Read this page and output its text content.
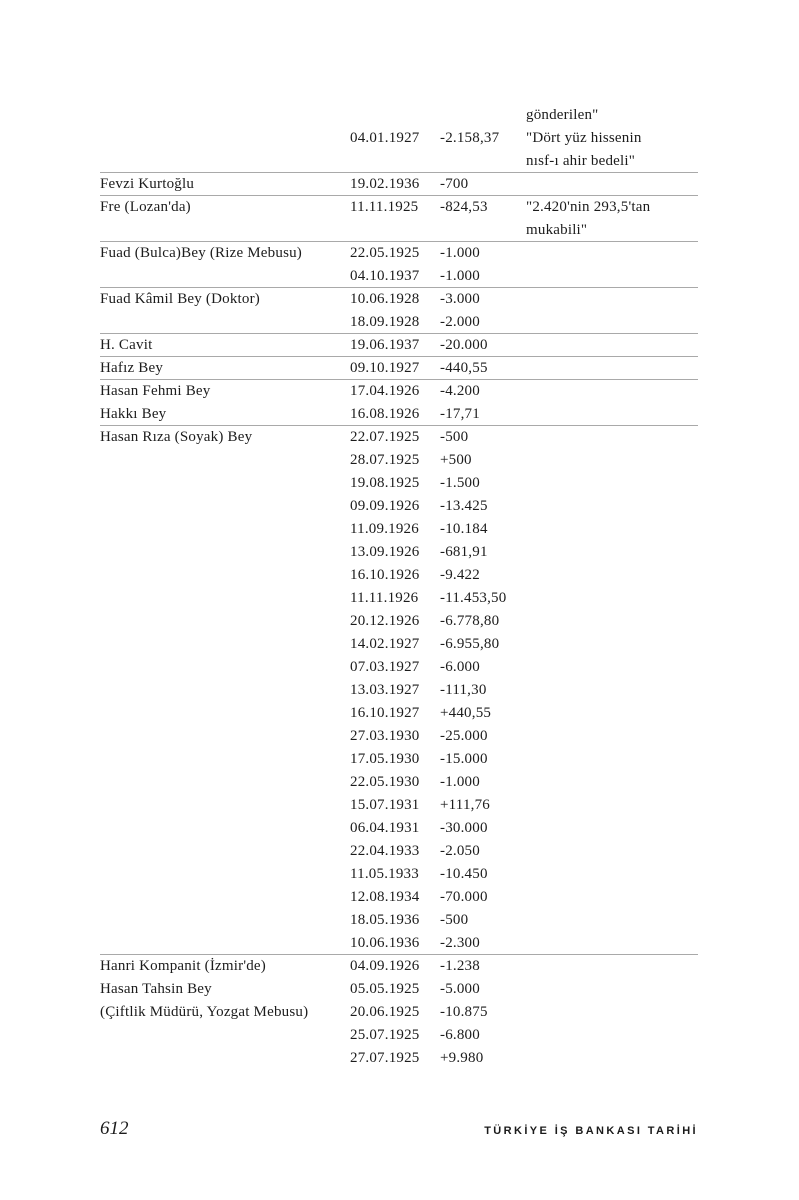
gönderilen"
04.01.1927	-2.158,37	"Dört yüz hissenin
nısf-ı ahir bedeli"
Fevzi Kurtoğlu	19.02.1936	-700
Fre (Lozan'da)	11.11.1925	-824,53	"2.420'nin 293,5'tan
mukabili"
Fuad (Bulca)Bey (Rize Mebusu)	22.05.1925	-1.000
04.10.1937	-1.000
Fuad Kâmil Bey (Doktor)	10.06.1928	-3.000
18.09.1928	-2.000
H. Cavit	19.06.1937	-20.000
Hafız Bey	09.10.1927	-440,55
Hasan Fehmi Bey	17.04.1926	-4.200
Hakkı Bey	16.08.1926	-17,71
Hasan Rıza (Soyak) Bey	22.07.1925	-500
28.07.1925	+500
19.08.1925	-1.500
09.09.1926	-13.425
11.09.1926	-10.184
13.09.1926	-681,91
16.10.1926	-9.422
11.11.1926	-11.453,50
20.12.1926	-6.778,80
14.02.1927	-6.955,80
07.03.1927	-6.000
13.03.1927	-111,30
16.10.1927	+440,55
27.03.1930	-25.000
17.05.1930	-15.000
22.05.1930	-1.000
15.07.1931	+111,76
06.04.1931	-30.000
22.04.1933	-2.050
11.05.1933	-10.450
12.08.1934	-70.000
18.05.1936	-500
10.06.1936	-2.300
Hanri Kompanit (İzmir'de)	04.09.1926	-1.238
Hasan Tahsin Bey	05.05.1925	-5.000
(Çiftlik Müdürü, Yozgat Mebusu)	20.06.1925	-10.875
25.07.1925	-6.800
27.07.1925	+9.980
612	TÜRKİYE İŞ BANKASI TARİHİ
